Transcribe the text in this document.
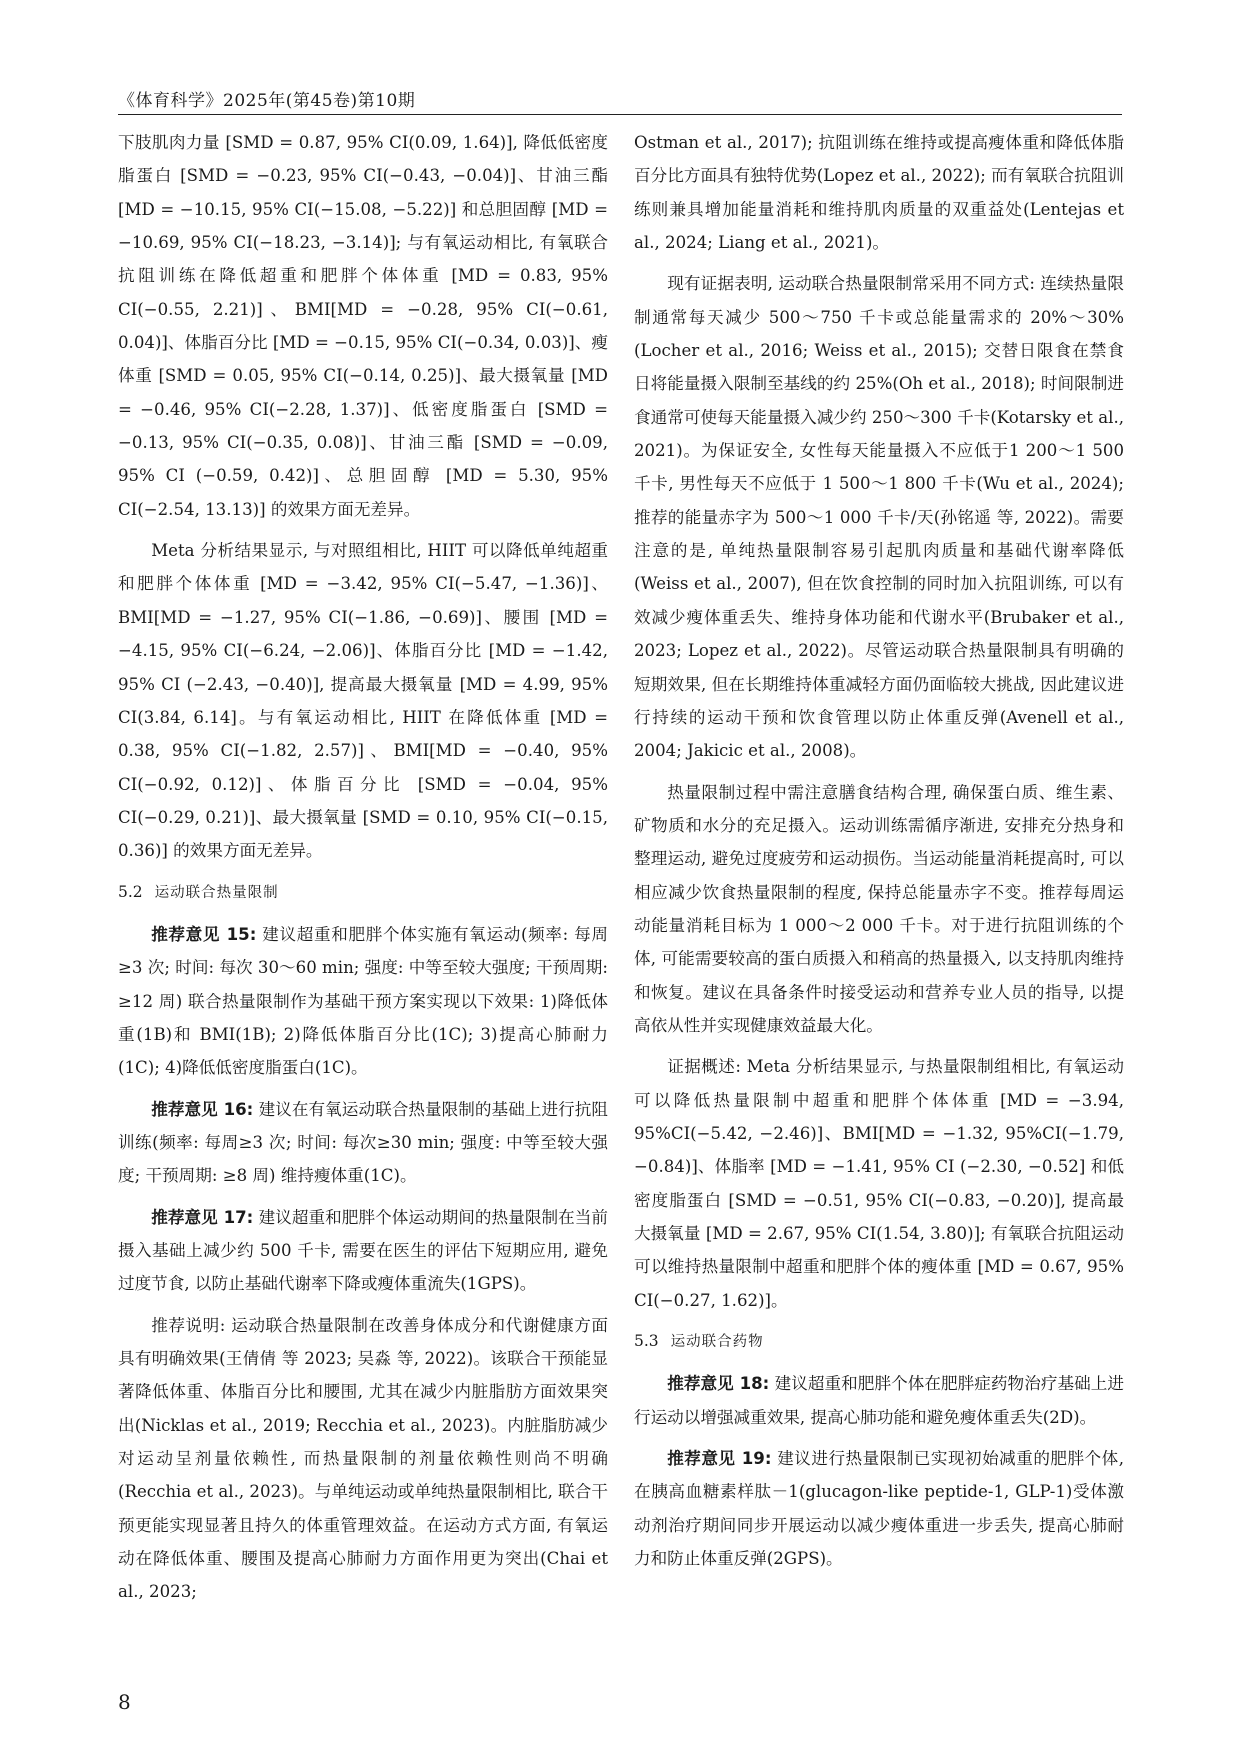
《体育科学》2025年(第45卷)第10期

下肢肌肉力量 [SMD = 0.87, 95% CI(0.09, 1.64)], 降低低密度脂蛋白 [SMD = −0.23, 95% CI(−0.43, −0.04)]、甘油三酯 [MD = −10.15, 95% CI(−15.08, −5.22)] 和总胆固醇 [MD = −10.69, 95% CI(−18.23, −3.14)]; 与有氧运动相比, 有氧联合抗阻训练在降低超重和肥胖个体体重 [MD = 0.83, 95% CI(−0.55, 2.21)]、BMI[MD = −0.28, 95% CI(−0.61, 0.04)]、体脂百分比 [MD = −0.15, 95% CI(−0.34, 0.03)]、瘦体重 [SMD = 0.05, 95% CI(−0.14, 0.25)]、最大摄氧量 [MD = −0.46, 95% CI(−2.28, 1.37)]、低密度脂蛋白 [SMD = −0.13, 95% CI(−0.35, 0.08)]、甘油三酯 [SMD = −0.09, 95% CI (−0.59, 0.42)]、总胆固醇 [MD = 5.30, 95% CI(−2.54, 13.13)] 的效果方面无差异。

Meta 分析结果显示, 与对照组相比, HIIT 可以降低单纯超重和肥胖个体体重 [MD = −3.42, 95% CI(−5.47, −1.36)]、BMI[MD = −1.27, 95% CI(−1.86, −0.69)]、腰围 [MD = −4.15, 95% CI(−6.24, −2.06)]、体脂百分比 [MD = −1.42, 95% CI (−2.43, −0.40)], 提高最大摄氧量 [MD = 4.99, 95% CI(3.84, 6.14]。与有氧运动相比, HIIT 在降低体重 [MD = 0.38, 95% CI(−1.82, 2.57)]、BMI[MD = −0.40, 95% CI(−0.92, 0.12)]、体脂百分比 [SMD = −0.04, 95% CI(−0.29, 0.21)]、最大摄氧量 [SMD = 0.10, 95% CI(−0.15, 0.36)] 的效果方面无差异。

5.2 运动联合热量限制

推荐意见 15: 建议超重和肥胖个体实施有氧运动(频率: 每周≥3 次; 时间: 每次 30～60 min; 强度: 中等至较大强度; 干预周期: ≥12 周) 联合热量限制作为基础干预方案实现以下效果: 1)降低体重(1B)和 BMI(1B); 2)降低体脂百分比(1C); 3)提高心肺耐力(1C); 4)降低低密度脂蛋白(1C)。

推荐意见 16: 建议在有氧运动联合热量限制的基础上进行抗阻训练(频率: 每周≥3 次; 时间: 每次≥30 min; 强度: 中等至较大强度; 干预周期: ≥8 周) 维持瘦体重(1C)。

推荐意见 17: 建议超重和肥胖个体运动期间的热量限制在当前摄入基础上减少约 500 千卡, 需要在医生的评估下短期应用, 避免过度节食, 以防止基础代谢率下降或瘦体重流失(1GPS)。

推荐说明: 运动联合热量限制在改善身体成分和代谢健康方面具有明确效果(王倩倩 等 2023; 吴淼 等, 2022)。该联合干预能显著降低体重、体脂百分比和腰围, 尤其在减少内脏脂肪方面效果突出(Nicklas et al., 2019; Recchia et al., 2023)。内脏脂肪减少对运动呈剂量依赖性, 而热量限制的剂量依赖性则尚不明确(Recchia et al., 2023)。与单纯运动或单纯热量限制相比, 联合干预更能实现显著且持久的体重管理效益。在运动方式方面, 有氧运动在降低体重、腰围及提高心肺耐力方面作用更为突出(Chai et al., 2023;

Ostman et al., 2017); 抗阻训练在维持或提高瘦体重和降低体脂百分比方面具有独特优势(Lopez et al., 2022); 而有氧联合抗阻训练则兼具增加能量消耗和维持肌肉质量的双重益处(Lentejas et al., 2024; Liang et al., 2021)。

现有证据表明, 运动联合热量限制常采用不同方式: 连续热量限制通常每天减少 500～750 千卡或总能量需求的 20%～30%(Locher et al., 2016; Weiss et al., 2015); 交替日限食在禁食日将能量摄入限制至基线的约 25%(Oh et al., 2018); 时间限制进食通常可使每天能量摄入减少约 250～300 千卡(Kotarsky et al., 2021)。为保证安全, 女性每天能量摄入不应低于1 200～1 500 千卡, 男性每天不应低于 1 500～1 800 千卡(Wu et al., 2024); 推荐的能量赤字为 500～1 000 千卡/天(孙铭遥 等, 2022)。需要注意的是, 单纯热量限制容易引起肌肉质量和基础代谢率降低(Weiss et al., 2007), 但在饮食控制的同时加入抗阻训练, 可以有效减少瘦体重丢失、维持身体功能和代谢水平(Brubaker et al., 2023; Lopez et al., 2022)。尽管运动联合热量限制具有明确的短期效果, 但在长期维持体重减轻方面仍面临较大挑战, 因此建议进行持续的运动干预和饮食管理以防止体重反弹(Avenell et al., 2004; Jakicic et al., 2008)。

热量限制过程中需注意膳食结构合理, 确保蛋白质、维生素、矿物质和水分的充足摄入。运动训练需循序渐进, 安排充分热身和整理运动, 避免过度疲劳和运动损伤。当运动能量消耗提高时, 可以相应减少饮食热量限制的程度, 保持总能量赤字不变。推荐每周运动能量消耗目标为 1 000～2 000 千卡。对于进行抗阻训练的个体, 可能需要较高的蛋白质摄入和稍高的热量摄入, 以支持肌肉维持和恢复。建议在具备条件时接受运动和营养专业人员的指导, 以提高依从性并实现健康效益最大化。

证据概述: Meta 分析结果显示, 与热量限制组相比, 有氧运动可以降低热量限制中超重和肥胖个体体重 [MD = −3.94, 95%CI(−5.42, −2.46)]、BMI[MD = −1.32, 95%CI(−1.79, −0.84)]、体脂率 [MD = −1.41, 95% CI (−2.30, −0.52] 和低密度脂蛋白 [SMD = −0.51, 95% CI(−0.83, −0.20)], 提高最大摄氧量 [MD = 2.67, 95% CI(1.54, 3.80)]; 有氧联合抗阻运动可以维持热量限制中超重和肥胖个体的瘦体重 [MD = 0.67, 95% CI(−0.27, 1.62)]。

5.3 运动联合药物

推荐意见 18: 建议超重和肥胖个体在肥胖症药物治疗基础上进行运动以增强减重效果, 提高心肺功能和避免瘦体重丢失(2D)。

推荐意见 19: 建议进行热量限制已实现初始减重的肥胖个体, 在胰高血糖素样肽－1(glucagon-like peptide-1, GLP-1)受体激动剂治疗期间同步开展运动以减少瘦体重进一步丢失, 提高心肺耐力和防止体重反弹(2GPS)。

8
